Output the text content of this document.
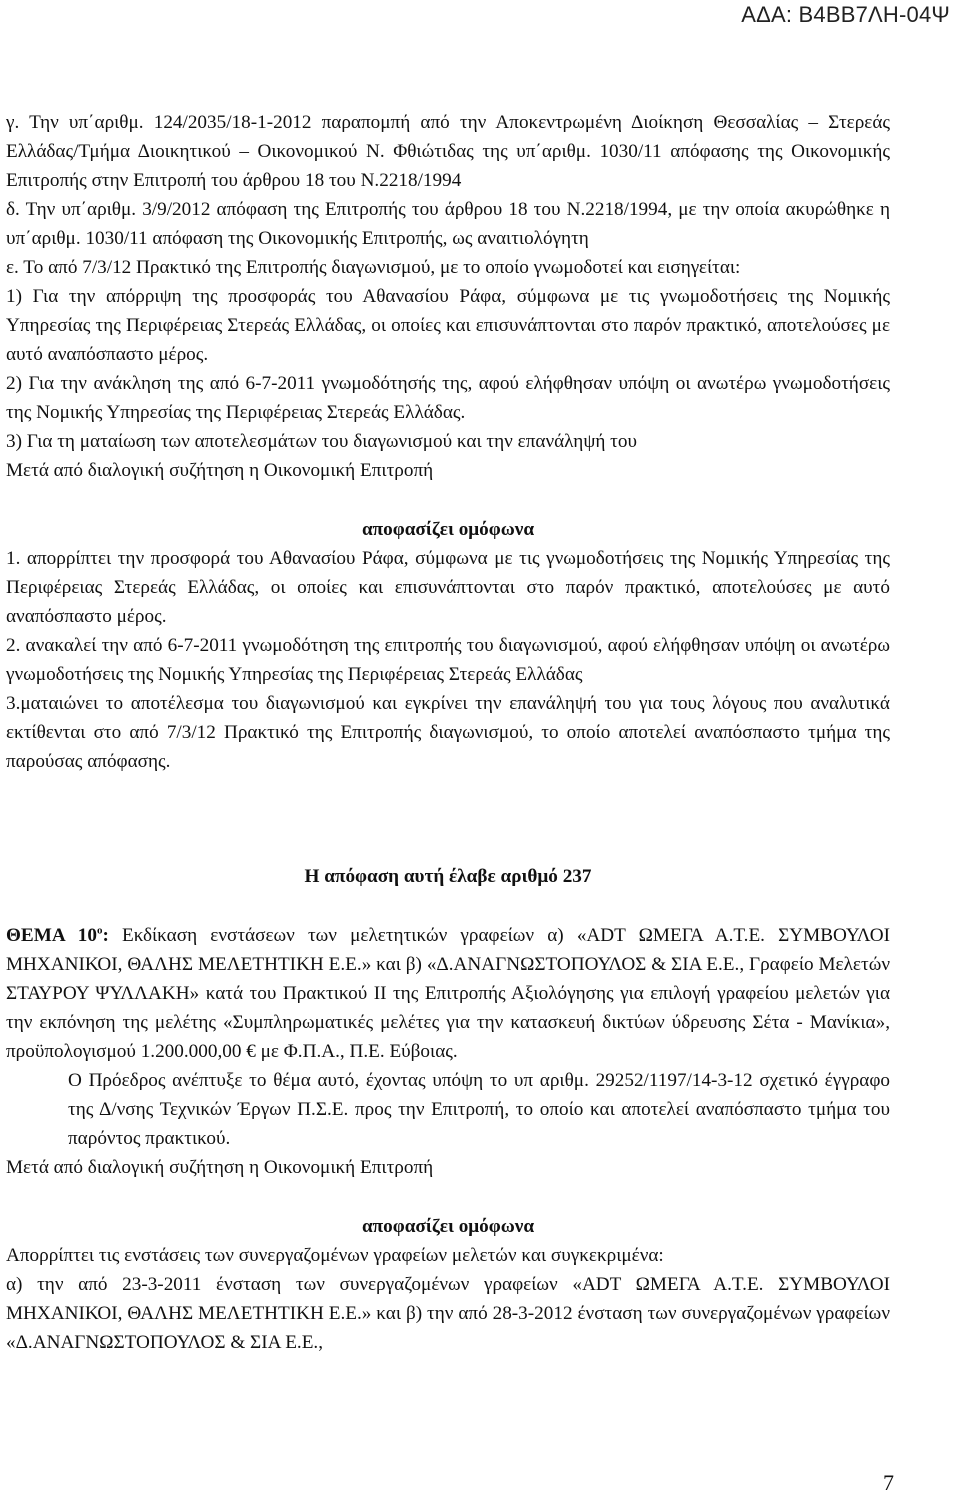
ΑΔΑ: Β4ΒΒ7ΛΗ-04Ψ

γ. Την υπ΄αριθμ. 124/2035/18-1-2012 παραπομπή από την Αποκεντρωμένη Διοίκηση Θεσσαλίας – Στερεάς Ελλάδας/Τμήμα Διοικητικού – Οικονομικού Ν. Φθιώτιδας της υπ΄αριθμ. 1030/11 απόφασης της Οικονομικής Επιτροπής στην Επιτροπή του άρθρου 18 του Ν.2218/1994

δ. Την υπ΄αριθμ. 3/9/2012 απόφαση της Επιτροπής του άρθρου 18 του Ν.2218/1994, με την οποία ακυρώθηκε η υπ΄αριθμ. 1030/11 απόφαση της Οικονομικής Επιτροπής, ως αναιτιολόγητη

ε. Το από 7/3/12 Πρακτικό της Επιτροπής διαγωνισμού, με το οποίο γνωμοδοτεί και εισηγείται:

1) Για την απόρριψη της προσφοράς του Αθανασίου Ράφα, σύμφωνα με τις γνωμοδοτήσεις της Νομικής Υπηρεσίας της Περιφέρειας Στερεάς Ελλάδας, οι οποίες και επισυνάπτονται στο παρόν πρακτικό, αποτελούσες με αυτό αναπόσπαστο μέρος.

2) Για την ανάκληση της από 6-7-2011 γνωμοδότησής της, αφού ελήφθησαν υπόψη οι ανωτέρω γνωμοδοτήσεις της Νομικής Υπηρεσίας της Περιφέρειας Στερεάς Ελλάδας.

3) Για τη ματαίωση των αποτελεσμάτων του διαγωνισμού και την επανάληψή του

Μετά από διαλογική συζήτηση η Οικονομική Επιτροπή

αποφασίζει ομόφωνα

1. απορρίπτει την προσφορά του Αθανασίου Ράφα, σύμφωνα με τις γνωμοδοτήσεις της Νομικής Υπηρεσίας της Περιφέρειας Στερεάς Ελλάδας, οι οποίες και επισυνάπτονται στο παρόν πρακτικό, αποτελούσες με αυτό αναπόσπαστο μέρος.

2. ανακαλεί την από 6-7-2011 γνωμοδότηση της επιτροπής του διαγωνισμού, αφού ελήφθησαν υπόψη οι ανωτέρω γνωμοδοτήσεις της Νομικής Υπηρεσίας της Περιφέρειας Στερεάς Ελλάδας

3.ματαιώνει το αποτέλεσμα του διαγωνισμού και εγκρίνει την επανάληψή του για τους λόγους που αναλυτικά εκτίθενται στο από 7/3/12 Πρακτικό της Επιτροπής διαγωνισμού, το οποίο αποτελεί αναπόσπαστο τμήμα της παρούσας απόφασης.

Η απόφαση αυτή έλαβε αριθμό 237

ΘΕΜΑ $10^o$: Εκδίκαση ενστάσεων των μελετητικών γραφείων α) «ADT ΩΜΕΓΑ Α.Τ.Ε. ΣΥΜΒΟΥΛΟΙ ΜΗΧΑΝΙΚΟΙ, ΘΑΛΗΣ ΜΕΛΕΤΗΤΙΚΗ Ε.Ε.» και β) «Δ.ΑΝΑΓΝΩΣΤΟΠΟΥΛΟΣ & ΣΙΑ Ε.Ε., Γραφείο Μελετών ΣΤΑΥΡΟΥ ΨΥΛΛΑΚΗ» κατά του Πρακτικού ΙΙ της Επιτροπής Αξιολόγησης για επιλογή γραφείου μελετών για την εκπόνηση της μελέτης «Συμπληρωματικές μελέτες για την κατασκευή δικτύων ύδρευσης Σέτα - Μανίκια», προϋπολογισμού 1.200.000,00 € με Φ.Π.Α., Π.Ε. Εύβοιας.

Ο Πρόεδρος ανέπτυξε το θέμα αυτό, έχοντας υπόψη το υπ αριθμ. 29252/1197/14-3-12 σχετικό έγγραφο της Δ/νσης Τεχνικών Έργων Π.Σ.Ε. προς την Επιτροπή, το οποίο και αποτελεί αναπόσπαστο τμήμα του παρόντος πρακτικού.

Μετά από διαλογική συζήτηση η Οικονομική Επιτροπή

αποφασίζει ομόφωνα

Απορρίπτει τις ενστάσεις των συνεργαζομένων γραφείων μελετών και συγκεκριμένα:

α) την από 23-3-2011 ένσταση των συνεργαζομένων γραφείων «ADT ΩΜΕΓΑ Α.Τ.Ε. ΣΥΜΒΟΥΛΟΙ ΜΗΧΑΝΙΚΟΙ, ΘΑΛΗΣ ΜΕΛΕΤΗΤΙΚΗ Ε.Ε.» και β) την από 28-3-2012 ένσταση των συνεργαζομένων γραφείων «Δ.ΑΝΑΓΝΩΣΤΟΠΟΥΛΟΣ & ΣΙΑ Ε.Ε.,

7
